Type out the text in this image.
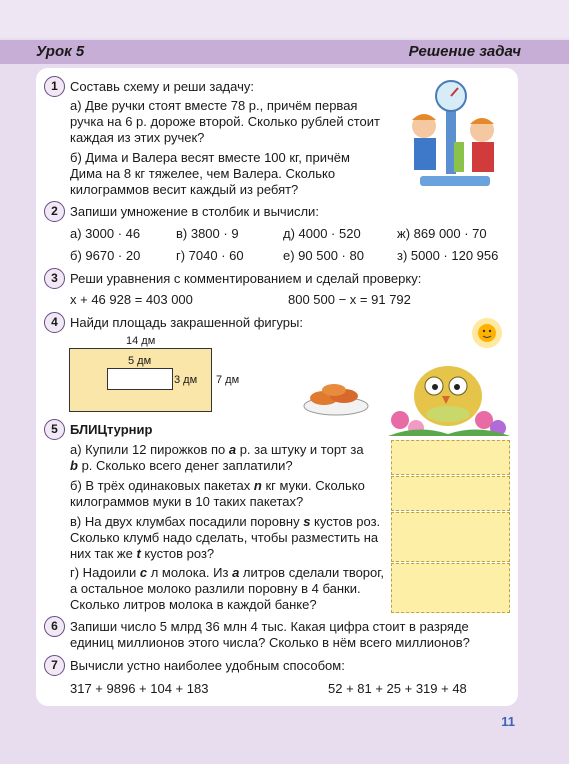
Урок 5	Решение задач
1 Составь схему и реши задачу:
а) Две ручки стоят вместе 78 р., причём первая
ручка на 6 р. дороже второй. Сколько рублей стоит
каждая из этих ручек?
б) Дима и Валера весят вместе 100 кг, причём
Дима на 8 кг тяжелее, чем Валера. Сколько
килограммов весит каждый из ребят?
2 Запиши умножение в столбик и вычисли:
а) 3000 · 46	в) 3800 · 9	д) 4000 · 520	ж) 869 000 · 70
б) 9670 · 20	г) 7040 · 60	е) 90 500 · 80	з) 5000 · 120 956
3 Реши уравнения с комментированием и сделай проверку:
x + 46 928 = 403 000	800 500 − x = 91 792
4 Найди площадь закрашенной фигуры:
14 дм
5 дм
3 дм 7 дм
5 БЛИЦтурнир
а) Купили 12 пирожков по a р. за штуку и торт за
b р. Сколько всего денег заплатили?
б) В трёх одинаковых пакетах n кг муки. Сколько
килограммов муки в 10 таких пакетах?
в) На двух клумбах посадили поровну s кустов роз.
Сколько клумб надо сделать, чтобы разместить на
них так же t кустов роз?
г) Надоили c л молока. Из a литров сделали творог,
а остальное молоко разлили поровну в 4 банки.
Сколько литров молока в каждой банке?
6 Запиши число 5 млрд 36 млн 4 тыс. Какая цифра стоит в разряде
единиц миллионов этого числа? Сколько в нём всего миллионов?
7 Вычисли устно наиболее удобным способом:
317 + 9896 + 104 + 183	52 + 81 + 25 + 319 + 48
11
